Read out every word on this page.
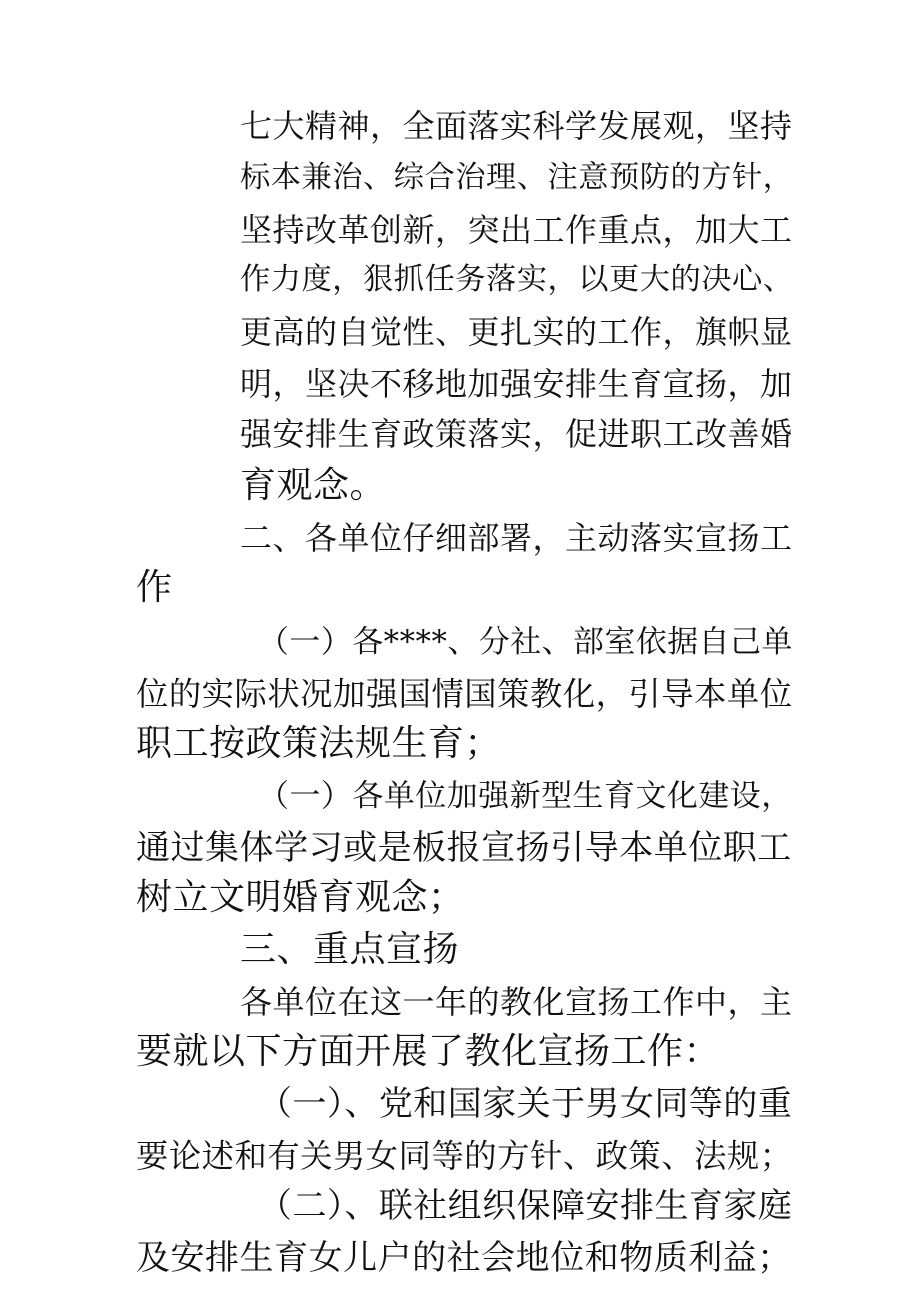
七大精神，全面落实科学发展观，坚持
标本兼治、综合治理、注意预防的方针，
坚持改革创新，突出工作重点，加大工
作力度，狠抓任务落实，以更大的决心、
更高的自觉性、更扎实的工作，旗帜显
明，坚决不移地加强安排生育宣扬，加
强安排生育政策落实，促进职工改善婚
育观念。
二、各单位仔细部署，主动落实宣扬工
作
（一）各****、分社、部室依据自己单
位的实际状况加强国情国策教化，引导本单位
职工按政策法规生育；
（一）各单位加强新型生育文化建设，
通过集体学习或是板报宣扬引导本单位职工
树立文明婚育观念；
三、重点宣扬
各单位在这一年的教化宣扬工作中，主
要就以下方面开展了教化宣扬工作：
（一）、党和国家关于男女同等的重
要论述和有关男女同等的方针、政策、法规；
（二）、联社组织保障安排生育家庭
及安排生育女儿户的社会地位和物质利益；
